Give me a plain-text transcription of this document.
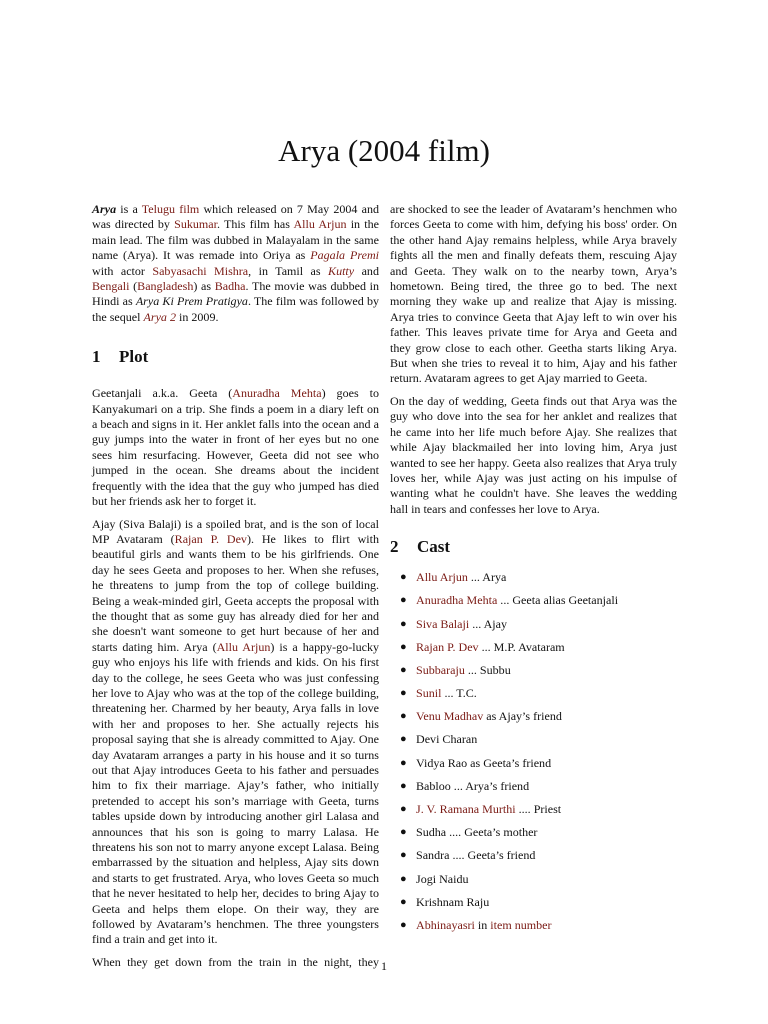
Arya (2004 film)

Arya is a Telugu film which released on 7 May 2004 and was directed by Sukumar. This film has Allu Arjun in the main lead. The film was dubbed in Malayalam in the same name (Arya). It was remade into Oriya as Pagala Premi with actor Sabyasachi Mishra, in Tamil as Kutty and Bengali (Bangladesh) as Badha. The movie was dubbed in Hindi as Arya Ki Prem Pratigya. The film was followed by the sequel Arya 2 in 2009.

1 Plot

Geetanjali a.k.a. Geeta (Anuradha Mehta) goes to Kanyakumari on a trip. She finds a poem in a diary left on a beach and signs in it. Her anklet falls into the ocean and a guy jumps into the water in front of her eyes but no one sees him resurfacing. However, Geeta did not see who jumped in the ocean. She dreams about the incident frequently with the idea that the guy who jumped has died but her friends ask her to forget it.

Ajay (Siva Balaji) is a spoiled brat, and is the son of local MP Avataram (Rajan P. Dev). He likes to flirt with beautiful girls and wants them to be his girlfriends. One day he sees Geeta and proposes to her. When she refuses, he threatens to jump from the top of college building. Being a weak-minded girl, Geeta accepts the proposal with the thought that as some guy has already died for her and she doesn't want someone to get hurt because of her and starts dating him. Arya (Allu Arjun) is a happy-go-lucky guy who enjoys his life with friends and kids. On his first day to the college, he sees Geeta who was just confessing her love to Ajay who was at the top of the college building, threatening her. Charmed by her beauty, Arya falls in love with her and proposes to her. She actually rejects his proposal saying that she is already committed to Ajay. One day Avataram arranges a party in his house and it so turns out that Ajay introduces Geeta to his father and persuades him to fix their marriage. Ajay’s father, who initially pretended to accept his son’s marriage with Geeta, turns tables upside down by introducing another girl Lalasa and announces that his son is going to marry Lalasa. He threatens his son not to marry anyone except Lalasa. Being embarrassed by the situation and helpless, Ajay sits down and starts to get frustrated. Arya, who loves Geeta so much that he never hesitated to help her, decides to bring Ajay to Geeta and helps them elope. On their way, they are followed by Avataram’s henchmen. The three youngsters find a train and get into it.

When they get down from the train in the night, they

are shocked to see the leader of Avataram’s henchmen who forces Geeta to come with him, defying his boss' order. On the other hand Ajay remains helpless, while Arya bravely fights all the men and finally defeats them, rescuing Ajay and Geeta. They walk on to the nearby town, Arya’s hometown. Being tired, the three go to bed. The next morning they wake up and realize that Ajay is missing. Arya tries to convince Geeta that Ajay left to win over his father. This leaves private time for Arya and Geeta and they grow close to each other. Geetha starts liking Arya. But when she tries to reveal it to him, Ajay and his father return. Avataram agrees to get Ajay married to Geeta.

On the day of wedding, Geeta finds out that Arya was the guy who dove into the sea for her anklet and realizes that he came into her life much before Ajay. She realizes that while Ajay blackmailed her into loving him, Arya just wanted to see her happy. Geeta also realizes that Arya truly loves her, while Ajay was just acting on his impulse of wanting what he couldn't have. She leaves the wedding hall in tears and confesses her love to Arya.

2 Cast
● Allu Arjun ... Arya
● Anuradha Mehta ... Geeta alias Geetanjali
● Siva Balaji ... Ajay
● Rajan P. Dev ... M.P. Avataram
● Subbaraju ... Subbu
● Sunil ... T.C.
● Venu Madhav as Ajay’s friend
● Devi Charan
● Vidya Rao as Geeta’s friend
● Babloo ... Arya’s friend
● J. V. Ramana Murthi .... Priest
● Sudha .... Geeta’s mother
● Sandra .... Geeta’s friend
● Jogi Naidu
● Krishnam Raju
● Abhinayasri in item number
1
